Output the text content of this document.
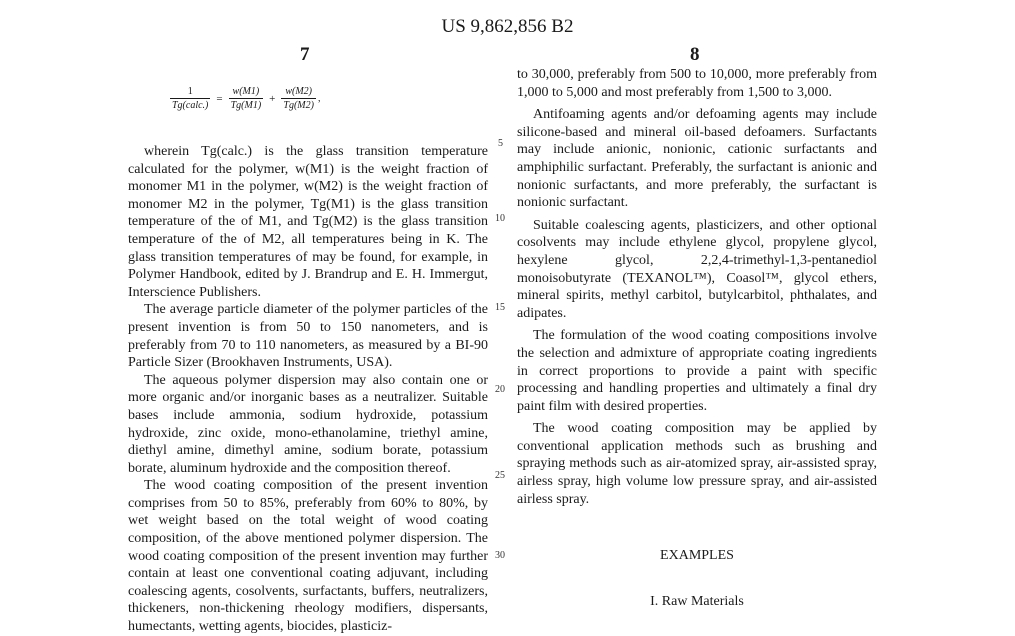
US 9,862,856 B2
7	8
$\frac{1}{\text{Tg(calc.)}} = \frac{w(M1)}{Tg(M1)} + \frac{w(M2)}{Tg(M2)}$ ,
5
10
15
20
25
30

wherein Tg(calc.) is the glass transition temperature calculated for the polymer, w(M1) is the weight fraction of monomer M1 in the polymer, w(M2) is the weight fraction of monomer M2 in the polymer, Tg(M1) is the glass transition temperature of the of M1, and Tg(M2) is the glass transition temperature of the of M2, all temperatures being in K. The glass transition temperatures of may be found, for example, in Polymer Handbook, edited by J. Brandrup and E. H. Immergut, Interscience Publishers.

The average particle diameter of the polymer particles of the present invention is from 50 to 150 nanometers, and is preferably from 70 to 110 nanometers, as measured by a BI-90 Particle Sizer (Brookhaven Instruments, USA).

The aqueous polymer dispersion may also contain one or more organic and/or inorganic bases as a neutralizer. Suitable bases include ammonia, sodium hydroxide, potassium hydroxide, zinc oxide, mono-ethanolamine, triethyl amine, diethyl amine, dimethyl amine, sodium borate, potassium borate, aluminum hydroxide and the composition thereof.

The wood coating composition of the present invention comprises from 50 to 85%, preferably from 60% to 80%, by wet weight based on the total weight of wood coating composition, of the above mentioned polymer dispersion. The wood coating composition of the present invention may further contain at least one conventional coating adjuvant, including coalescing agents, cosolvents, surfactants, buffers, neutralizers, thickeners, non-thickening rheology modifiers, dispersants, humectants, wetting agents, biocides, plasticiz-

to 30,000, preferably from 500 to 10,000, more preferably from 1,000 to 5,000 and most preferably from 1,500 to 3,000.

Antifoaming agents and/or defoaming agents may include silicone-based and mineral oil-based defoamers. Surfactants may include anionic, nonionic, cationic surfactants and amphiphilic surfactant. Preferably, the surfactant is anionic and nonionic surfactants, and more preferably, the surfactant is nonionic surfactant.

Suitable coalescing agents, plasticizers, and other optional cosolvents may include ethylene glycol, propylene glycol, hexylene glycol, 2,2,4-trimethyl-1,3-pentanediol monoisobutyrate (TEXANOL™), Coasol™, glycol ethers, mineral spirits, methyl carbitol, butylcarbitol, phthalates, and adipates.

The formulation of the wood coating compositions involve the selection and admixture of appropriate coating ingredients in correct proportions to provide a paint with specific processing and handling properties and ultimately a final dry paint film with desired properties.

The wood coating composition may be applied by conventional application methods such as brushing and spraying methods such as air-atomized spray, air-assisted spray, airless spray, high volume low pressure spray, and air-assisted airless spray.

EXAMPLES
I. Raw Materials
